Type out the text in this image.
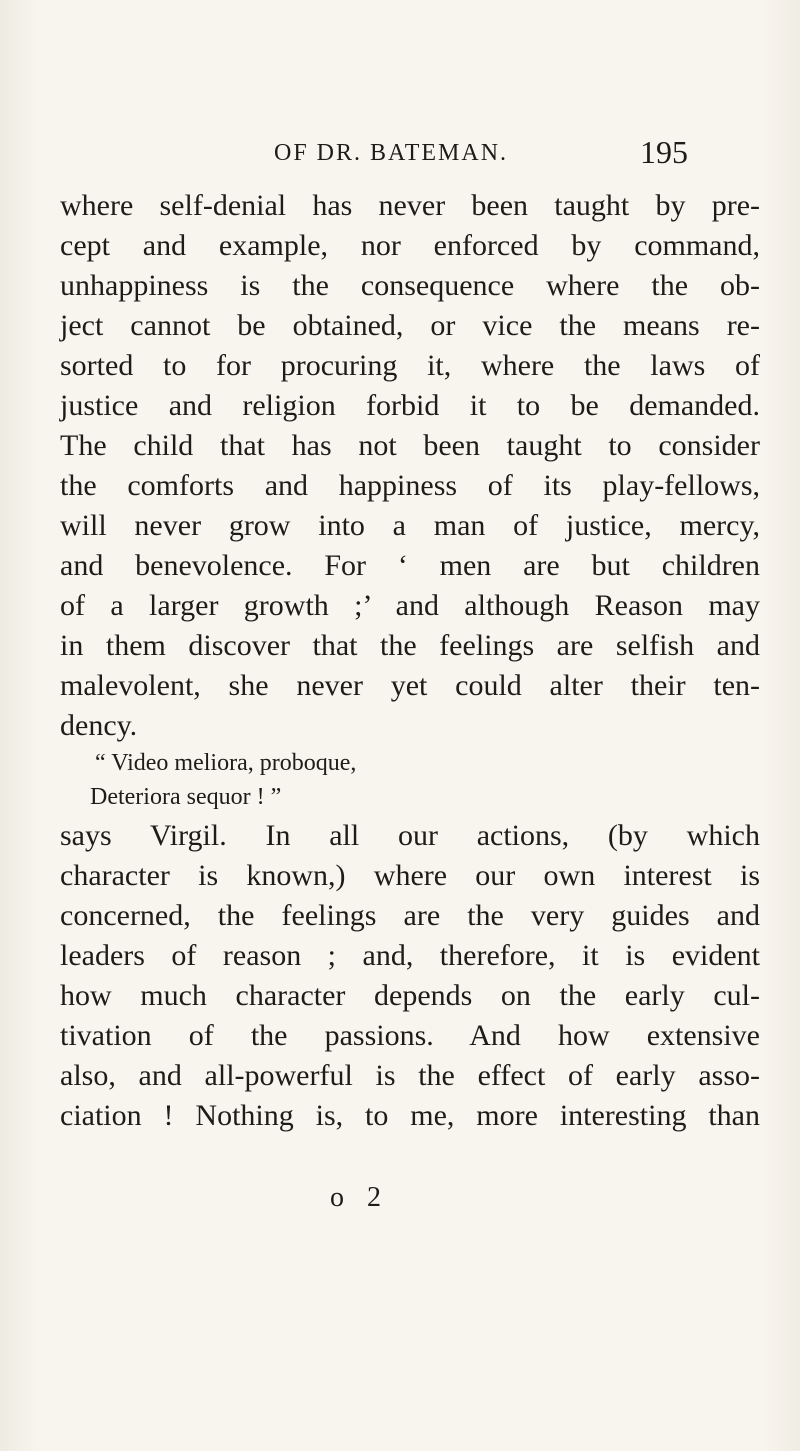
OF DR. BATEMAN.	195
where self-denial has never been taught by pre-
cept and example, nor enforced by command,
unhappiness is the consequence where the ob-
ject cannot be obtained, or vice the means re-
sorted to for procuring it, where the laws of
justice and religion forbid it to be demanded.
The child that has not been taught to consider
the comforts and happiness of its play-fellows,
will never grow into a man of justice, mercy,
and benevolence. For ‘ men are but children
of a larger growth ;’ and although Reason may
in them discover that the feelings are selfish and
malevolent, she never yet could alter their ten-
dency.
“ Video meliora, proboque,
Deteriora sequor ! ”
says Virgil. In all our actions, (by which
character is known,) where our own interest is
concerned, the feelings are the very guides and
leaders of reason ; and, therefore, it is evident
how much character depends on the early cul-
tivation of the passions. And how extensive
also, and all-powerful is the effect of early asso-
ciation ! Nothing is, to me, more interesting than
o 2
